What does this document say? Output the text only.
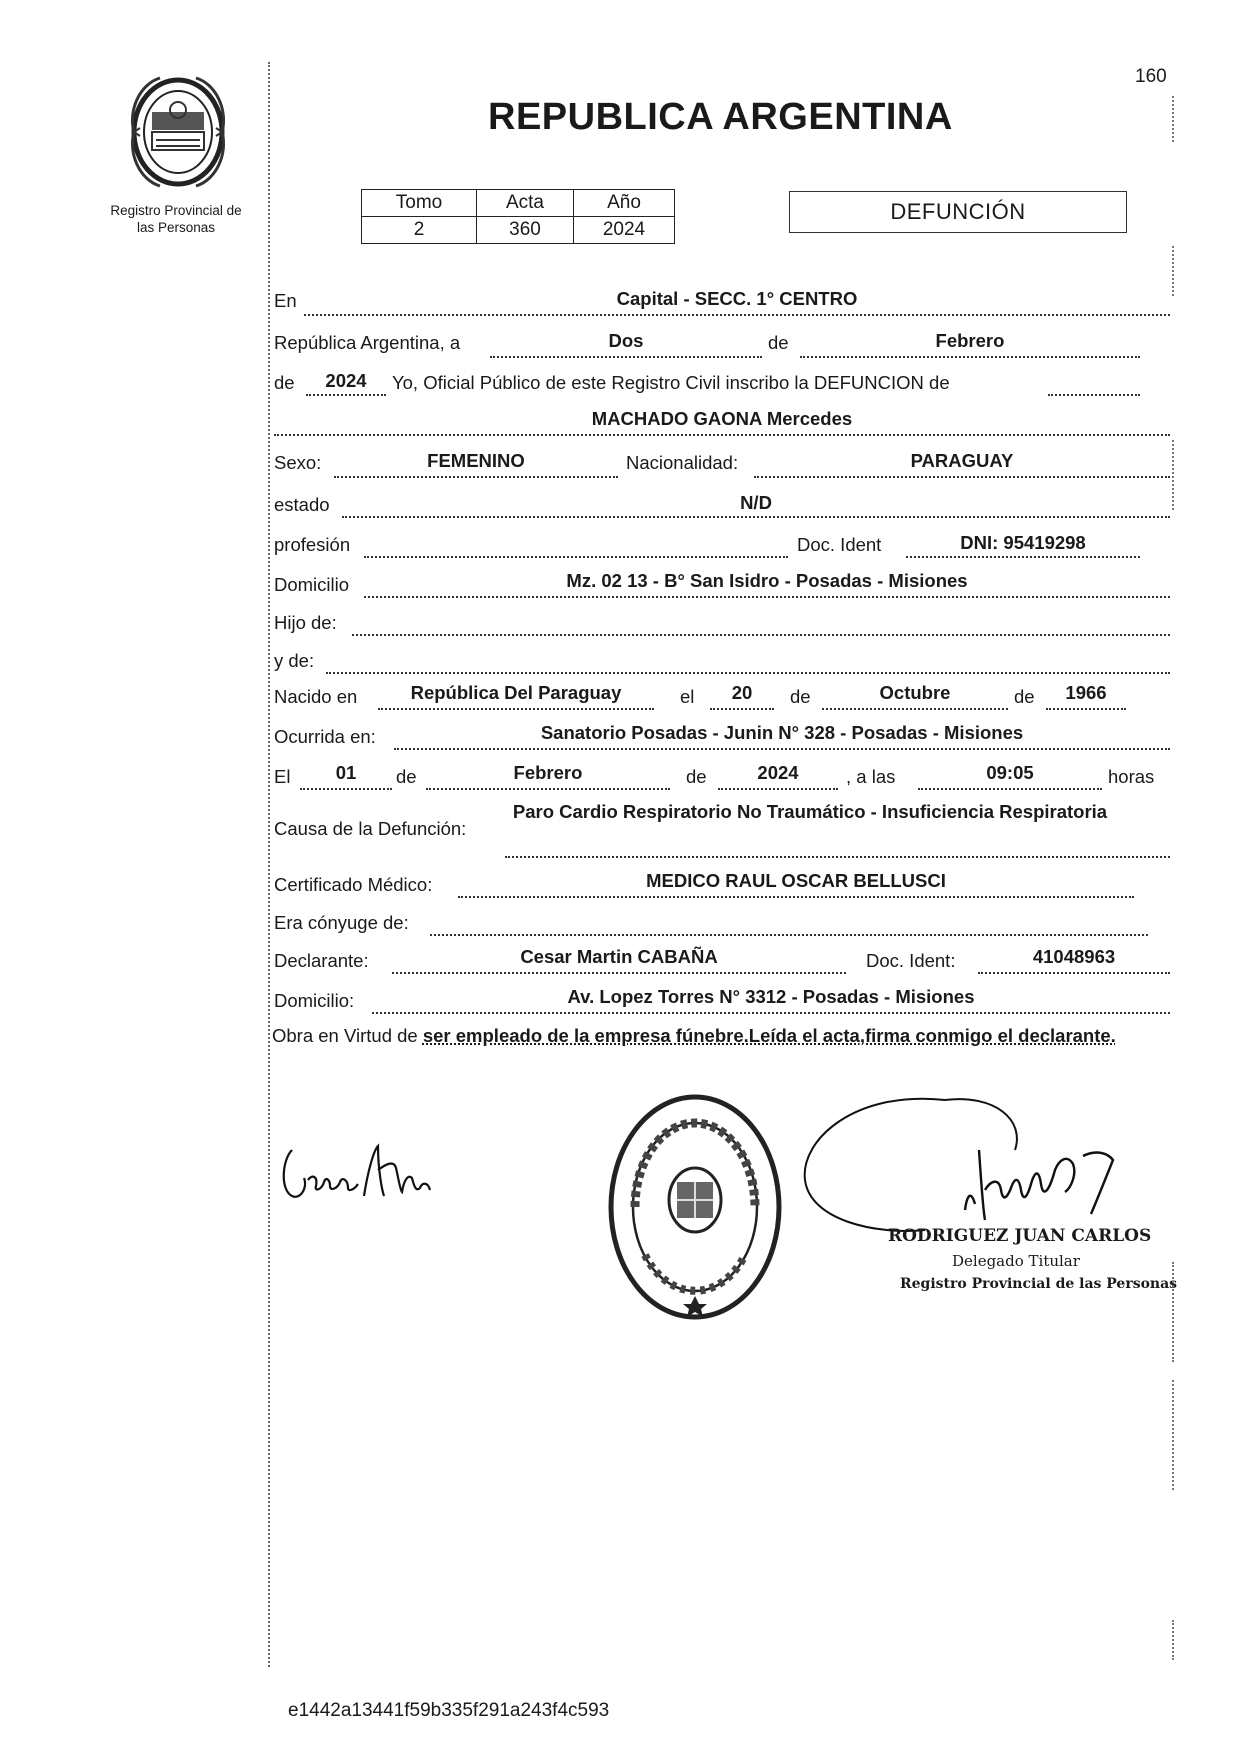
160
Registro Provincial de
las Personas
REPUBLICA ARGENTINA
Tomo	Acta	Año
2	360	2024
DEFUNCIÓN
En	Capital - SECC. 1° CENTRO
República Argentina, a	Dos	de	Febrero
de	2024	Yo, Oficial Público de este Registro Civil inscribo la DEFUNCION de
MACHADO GAONA Mercedes
Sexo:	FEMENINO	Nacionalidad:	PARAGUAY
estado	N/D
profesión	Doc. Ident	DNI: 95419298
Domicilio	Mz. 02 13 - B° San Isidro - Posadas - Misiones
Hijo de:
y de:
Nacido en	República Del Paraguay	el	20	de	Octubre	de	1966
Ocurrida en:	Sanatorio Posadas - Junin N° 328 - Posadas - Misiones
El	01	de	Febrero	de	2024	, a las	09:05	horas
Causa de la Defunción:
Paro Cardio Respiratorio No Traumático - Insuficiencia Respiratoria
Certificado Médico:	MEDICO RAUL OSCAR BELLUSCI
Era cónyuge de:
Declarante:	Cesar Martin CABAÑA	Doc. Ident:	41048963
Domicilio:	Av. Lopez Torres N° 3312 - Posadas - Misiones
Obra en Virtud de ser empleado de la empresa fúnebre.Leída el acta,firma conmigo el declarante.
RODRIGUEZ JUAN CARLOS
Delegado Titular
Registro Provincial de las Personas
e1442a13441f59b335f291a243f4c593
